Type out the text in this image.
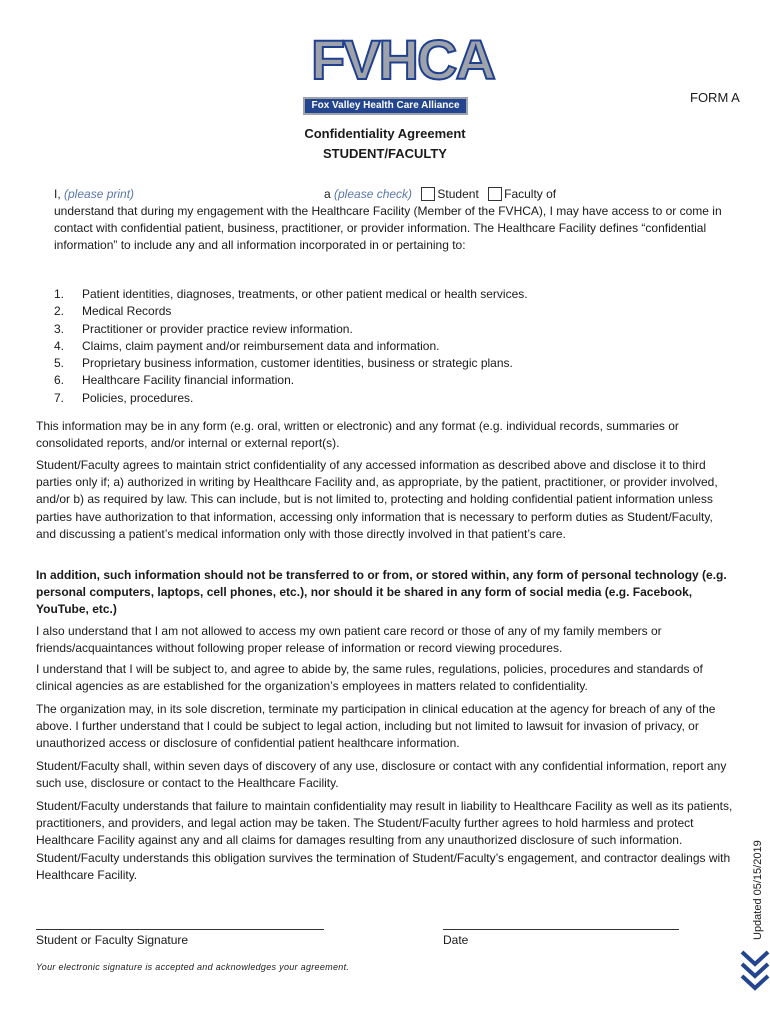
FVHCA
Fox Valley Health Care Alliance
FORM A
Confidentiality Agreement
STUDENT/FACULTY
I, (please print)	a (please check) Student Faculty of
understand that during my engagement with the Healthcare Facility (Member of the FVHCA), I may have access to or come in contact with confidential patient, business, practitioner, or provider information. The Healthcare Facility defines “confidential information” to include any and all information incorporated in or pertaining to:
1.	Patient identities, diagnoses, treatments, or other patient medical or health services.
2.	Medical Records
3.	Practitioner or provider practice review information.
4.	Claims, claim payment and/or reimbursement data and information.
5.	Proprietary business information, customer identities, business or strategic plans.
6.	Healthcare Facility financial information.
7.	Policies, procedures.
This information may be in any form (e.g. oral, written or electronic) and any format (e.g. individual records, summaries or consolidated reports, and/or internal or external report(s).
Student/Faculty agrees to maintain strict confidentiality of any accessed information as described above and disclose it to third parties only if; a) authorized in writing by Healthcare Facility and, as appropriate, by the patient, practitioner, or provider involved, and/or b) as required by law. This can include, but is not limited to, protecting and holding confidential patient information unless parties have authorization to that information, accessing only information that is necessary to perform duties as Student/Faculty, and discussing a patient’s medical information only with those directly involved in that patient’s care.
In addition, such information should not be transferred to or from, or stored within, any form of personal technology (e.g. personal computers, laptops, cell phones, etc.), nor should it be shared in any form of social media (e.g. Facebook, YouTube, etc.)
I also understand that I am not allowed to access my own patient care record or those of any of my family members or friends/acquaintances without following proper release of information or record viewing procedures.
I understand that I will be subject to, and agree to abide by, the same rules, regulations, policies, procedures and standards of clinical agencies as are established for the organization’s employees in matters related to confidentiality.
The organization may, in its sole discretion, terminate my participation in clinical education at the agency for breach of any of the above. I further understand that I could be subject to legal action, including but not limited to lawsuit for invasion of privacy, or unauthorized access or disclosure of confidential patient healthcare information.
Student/Faculty shall, within seven days of discovery of any use, disclosure or contact with any confidential information, report any such use, disclosure or contact to the Healthcare Facility.
Student/Faculty understands that failure to maintain confidentiality may result in liability to Healthcare Facility as well as its patients, practitioners, and providers, and legal action may be taken. The Student/Faculty further agrees to hold harmless and protect Healthcare Facility against any and all claims for damages resulting from any unauthorized disclosure of such information. Student/Faculty understands this obligation survives the termination of Student/Faculty’s engagement, and contractor dealings with Healthcare Facility.
Student or Faculty Signature	Date
Your electronic signature is accepted and acknowledges your agreement.
Updated 05/15/2019
